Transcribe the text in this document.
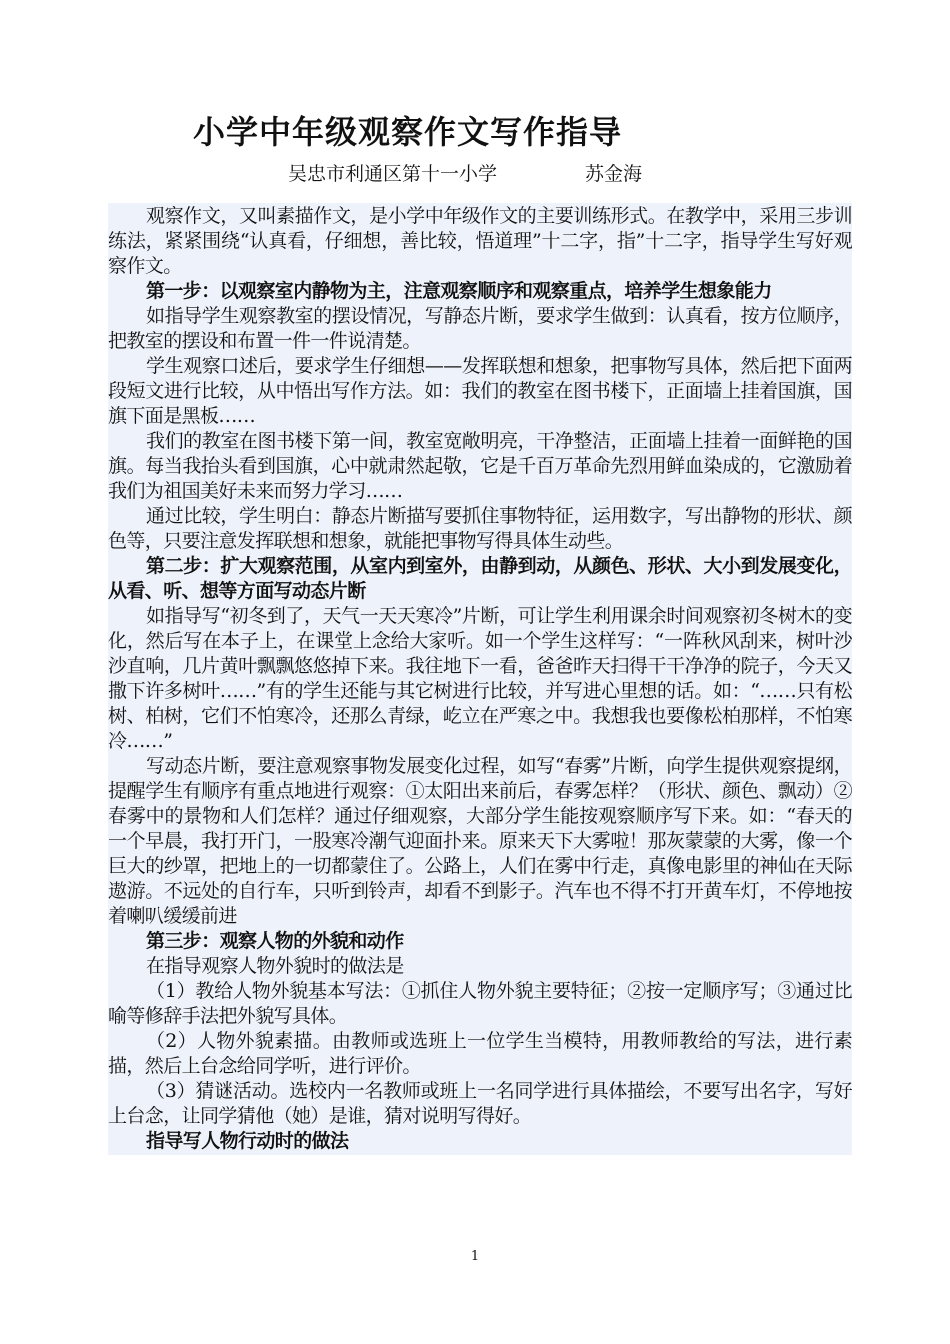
小学中年级观察作文写作指导
吴忠市利通区第十一小学	苏金海

观察作文，又叫素描作文，是小学中年级作文的主要训练形式。在教学中，采用三步训练法，紧紧围绕“认真看，仔细想，善比较，悟道理”十二字，指”十二字，指导学生写好观察作文。

第一步：以观察室内静物为主，注意观察顺序和观察重点，培养学生想象能力

如指导学生观察教室的摆设情况，写静态片断，要求学生做到：认真看，按方位顺序，把教室的摆设和布置一件一件说清楚。

学生观察口述后，要求学生仔细想——发挥联想和想象，把事物写具体，然后把下面两段短文进行比较，从中悟出写作方法。如：我们的教室在图书楼下，正面墙上挂着国旗，国旗下面是黑板……

我们的教室在图书楼下第一间，教室宽敞明亮，干净整洁，正面墙上挂着一面鲜艳的国旗。每当我抬头看到国旗，心中就肃然起敬，它是千百万革命先烈用鲜血染成的，它激励着我们为祖国美好未来而努力学习……

通过比较，学生明白：静态片断描写要抓住事物特征，运用数字，写出静物的形状、颜色等，只要注意发挥联想和想象，就能把事物写得具体生动些。

第二步：扩大观察范围，从室内到室外，由静到动，从颜色、形状、大小到发展变化，从看、听、想等方面写动态片断

如指导写“初冬到了，天气一天天寒冷”片断，可让学生利用课余时间观察初冬树木的变化，然后写在本子上，在课堂上念给大家听。如一个学生这样写：“一阵秋风刮来，树叶沙沙直响，几片黄叶飘飘悠悠掉下来。我往地下一看，爸爸昨天扫得干干净净的院子，今天又撒下许多树叶……”有的学生还能与其它树进行比较，并写进心里想的话。如：“……只有松树、柏树，它们不怕寒冷，还那么青绿，屹立在严寒之中。我想我也要像松柏那样，不怕寒冷……”

写动态片断，要注意观察事物发展变化过程，如写“春雾”片断，向学生提供观察提纲，提醒学生有顺序有重点地进行观察：①太阳出来前后，春雾怎样？（形状、颜色、飘动）②春雾中的景物和人们怎样？通过仔细观察，大部分学生能按观察顺序写下来。如：“春天的一个早晨，我打开门，一股寒冷潮气迎面扑来。原来天下大雾啦！那灰蒙蒙的大雾，像一个巨大的纱罩，把地上的一切都蒙住了。公路上，人们在雾中行走，真像电影里的神仙在天际遨游。不远处的自行车，只听到铃声，却看不到影子。汽车也不得不打开黄车灯，不停地按着喇叭缓缓前进

第三步：观察人物的外貌和动作

在指导观察人物外貌时的做法是

（1）教给人物外貌基本写法：①抓住人物外貌主要特征；②按一定顺序写；③通过比喻等修辞手法把外貌写具体。

（2）人物外貌素描。由教师或选班上一位学生当模特，用教师教给的写法，进行素描，然后上台念给同学听，进行评价。

（3）猜谜活动。选校内一名教师或班上一名同学进行具体描绘，不要写出名字，写好上台念，让同学猜他（她）是谁，猜对说明写得好。

指导写人物行动时的做法

1
